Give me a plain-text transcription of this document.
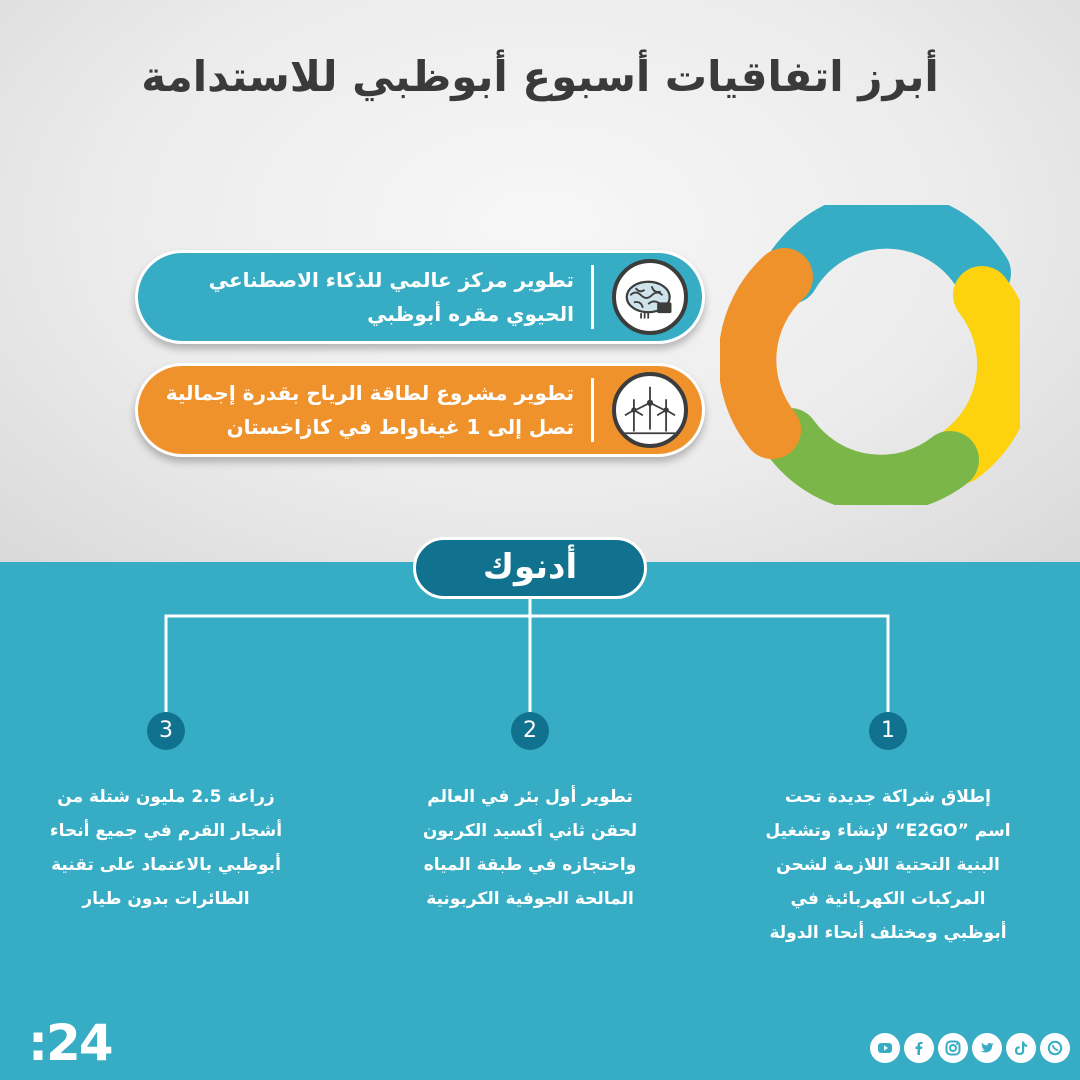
أبرز اتفاقيات أسبوع أبوظبي للاستدامة
تطوير مركز عالمي للذكاء الاصطناعي
الحيوي مقره أبوظبي
تطوير مشروع لطاقة الرياح بقدرة إجمالية
تصل إلى 1 غيغاواط في كازاخستان
أدنوك
1
2
3
إطلاق شراكة جديدة تحت
اسم ”E2GO“ لإنشاء وتشغيل
البنية التحتية اللازمة لشحن
المركبات الكهربائية في
أبوظبي ومختلف أنحاء الدولة
تطوير أول بئر في العالم
لحقن ثاني أكسيد الكربون
واحتجازه في طبقة المياه
المالحة الجوفية الكربونية
زراعة 2.5 مليون شتلة من
أشجار القرم في جميع أنحاء
أبوظبي بالاعتماد على تقنية
الطائرات بدون طيار
:24
